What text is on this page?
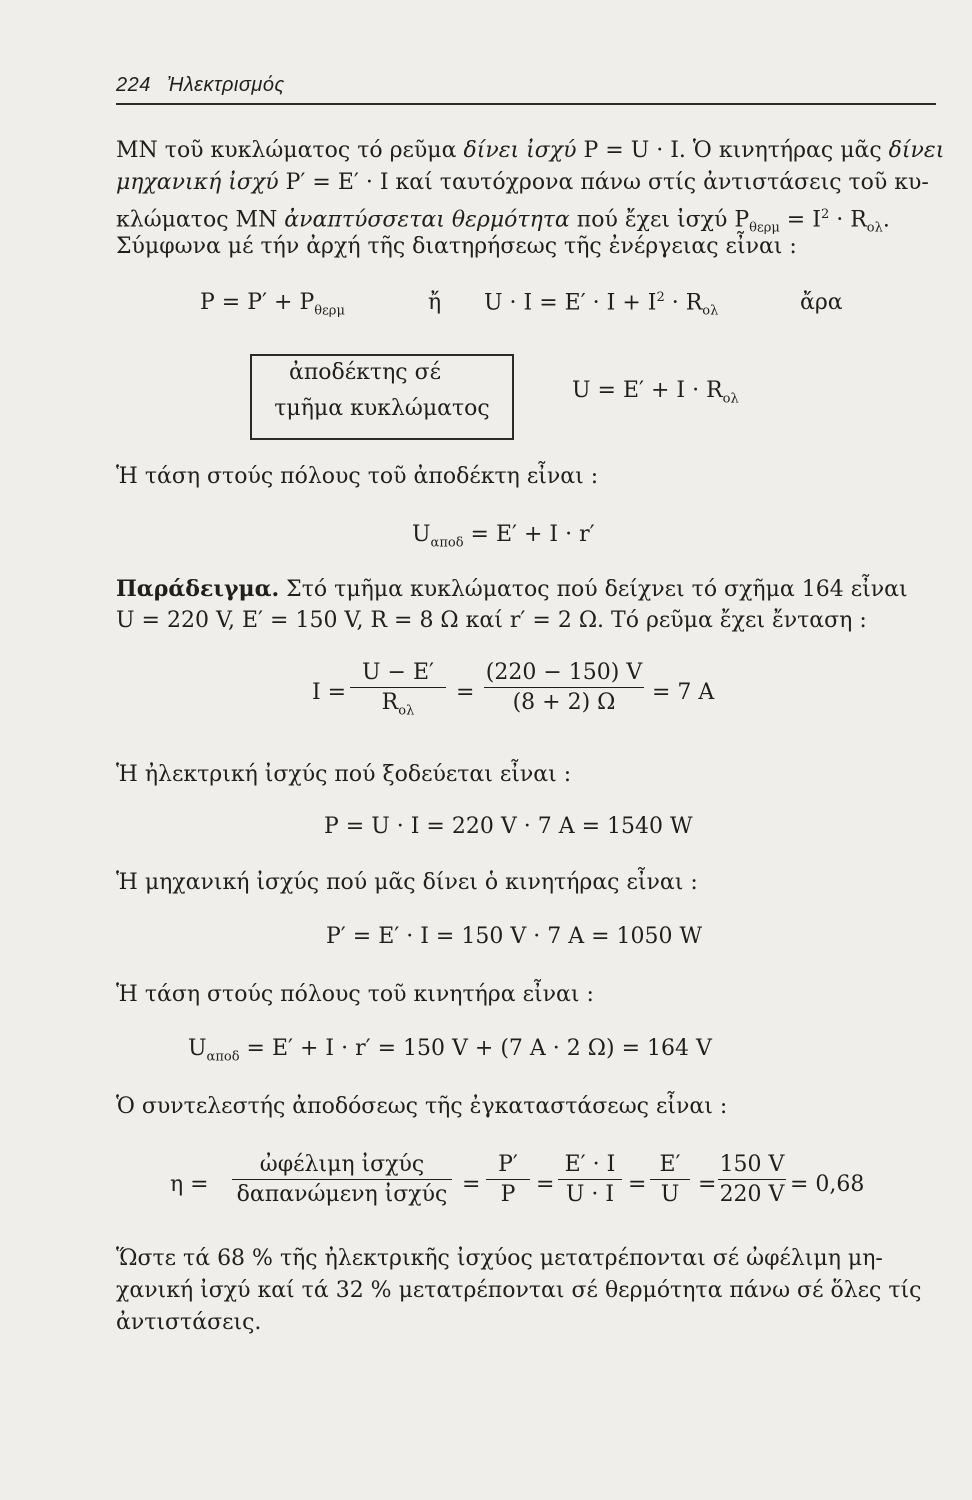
224 Ἠλεκτρισμός
ΜΝ τοῦ κυκλώματος τό ρεῦμα δίνει ἰσχύ P = U · I. Ὁ κινητήρας μᾶς δίνει
μηχανική ἰσχύ P′ = E′ · I καί ταυτόχρονα πάνω στίς ἀντιστάσεις τοῦ κυ-
κλώματος ΜΝ ἀναπτύσσεται θερμότητα πού ἔχει ἰσχύ $P_{\theta\varepsilon\rho\mu} = I^2 \cdot R_{o\lambda}$.
Σύμφωνα μέ τήν ἀρχή τῆς διατηρήσεως τῆς ἐνέργειας εἶναι :
$P = P' + P_{\theta\varepsilon\rho\mu}$	ἤ $U \cdot I = E' \cdot I + I^2 \cdot R_{o\lambda}$	ἄρα
ἀποδέκτης σέ
τμῆμα κυκλώματος
$U = E' + I \cdot R_{o\lambda}$
Ἡ τάση στούς πόλους τοῦ ἀποδέκτη εἶναι :
$U_{\alpha\pi o\delta} = E' + I \cdot r'$
Παράδειγμα. Στό τμῆμα κυκλώματος πού δείχνει τό σχῆμα 164 εἶναι
U = 220 V, E′ = 150 V, R = 8 Ω καί r′ = 2 Ω. Τό ρεῦμα ἔχει ἔνταση :
I =
U − E′
$R_{o\lambda}$
=
(220 − 150) V
(8 + 2) Ω	= 7 A
Ἡ ἠλεκτρική ἰσχύς πού ξοδεύεται εἶναι :
P = U · I = 220 V · 7 A = 1540 W
Ἡ μηχανική ἰσχύς πού μᾶς δίνει ὁ κινητήρας εἶναι :
P′ = E′ · I = 150 V · 7 A = 1050 W
Ἡ τάση στούς πόλους τοῦ κινητήρα εἶναι :
$U_{\alpha\pi o\delta} = E' + I \cdot r' = 150$ V + (7 A · 2 Ω) = 164 V
Ὁ συντελεστής ἀποδόσεως τῆς ἐγκαταστάσεως εἶναι :
η =
ὠφέλιμη ἰσχύς
δαπανώμενη ἰσχύς =
P′
P =
E′ · I
U · I =
E′
U =
150 V
220 V = 0,68
Ὥστε τά 68 % τῆς ἠλεκτρικῆς ἰσχύος μετατρέπονται σέ ὠφέλιμη μη-
χανική ἰσχύ καί τά 32 % μετατρέπονται σέ θερμότητα πάνω σέ ὅλες τίς
ἀντιστάσεις.
